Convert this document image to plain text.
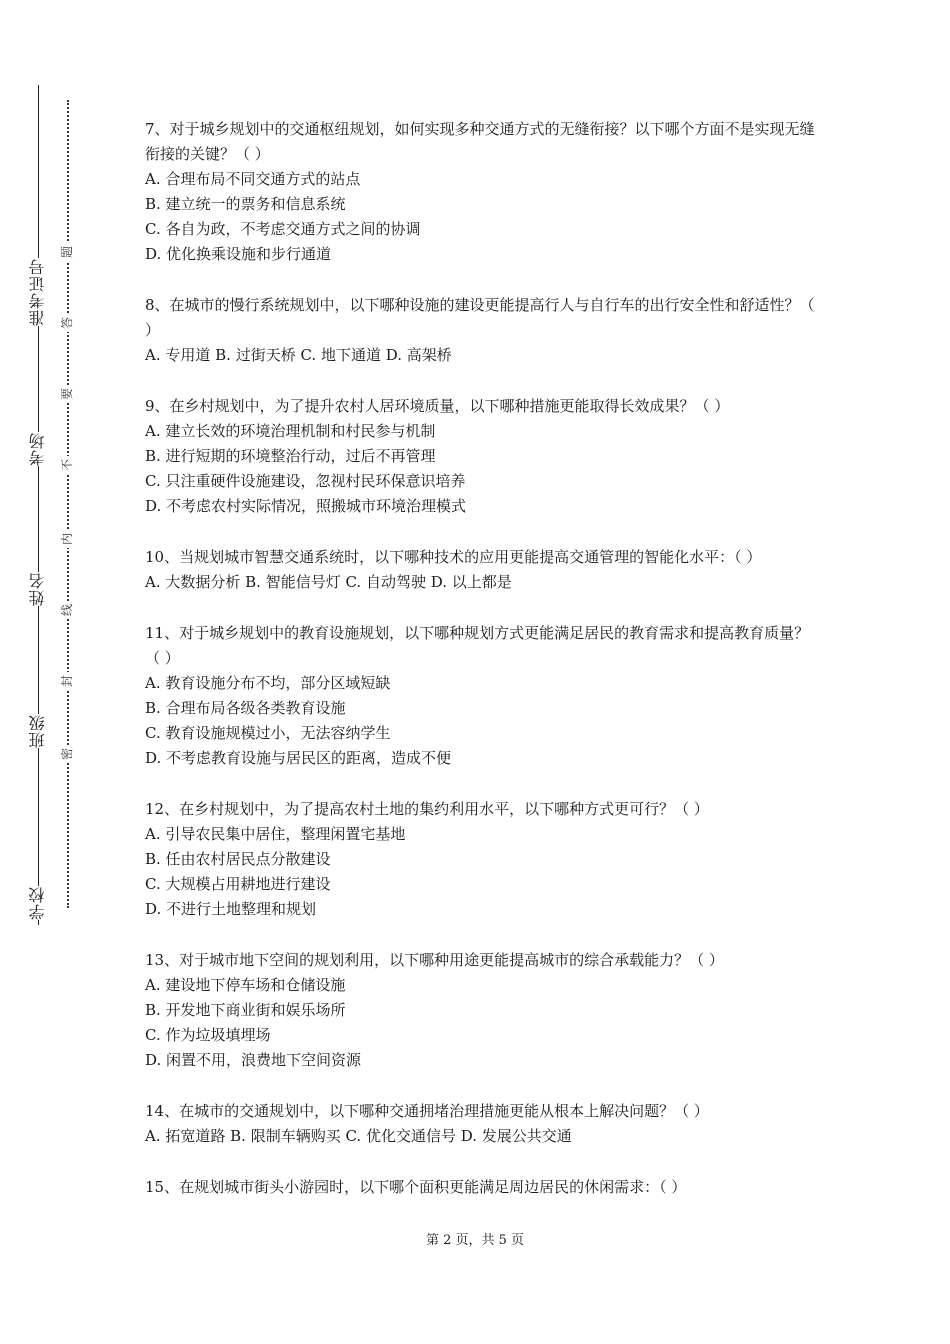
准考证号
考场
姓名
班级
学校
题
答
要
不
内
线
封
密

7、对于城乡规划中的交通枢纽规划，如何实现多种交通方式的无缝衔接？以下哪个方面不是实现无缝衔接的关键？（ ）

A. 合理布局不同交通方式的站点

B. 建立统一的票务和信息系统

C. 各自为政，不考虑交通方式之间的协调

D. 优化换乘设施和步行通道

8、在城市的慢行系统规划中，以下哪种设施的建设更能提高行人与自行车的出行安全性和舒适性？（ ）

A. 专用道 B. 过街天桥 C. 地下通道 D. 高架桥

9、在乡村规划中，为了提升农村人居环境质量，以下哪种措施更能取得长效成果？（ ）

A. 建立长效的环境治理机制和村民参与机制

B. 进行短期的环境整治行动，过后不再管理

C. 只注重硬件设施建设，忽视村民环保意识培养

D. 不考虑农村实际情况，照搬城市环境治理模式

10、当规划城市智慧交通系统时，以下哪种技术的应用更能提高交通管理的智能化水平：（ ）

A. 大数据分析 B. 智能信号灯 C. 自动驾驶 D. 以上都是

11、对于城乡规划中的教育设施规划，以下哪种规划方式更能满足居民的教育需求和提高教育质量？（ ）

A. 教育设施分布不均，部分区域短缺

B. 合理布局各级各类教育设施

C. 教育设施规模过小，无法容纳学生

D. 不考虑教育设施与居民区的距离，造成不便

12、在乡村规划中，为了提高农村土地的集约利用水平，以下哪种方式更可行？（ ）

A. 引导农民集中居住，整理闲置宅基地

B. 任由农村居民点分散建设

C. 大规模占用耕地进行建设

D. 不进行土地整理和规划

13、对于城市地下空间的规划利用，以下哪种用途更能提高城市的综合承载能力？（ ）

A. 建设地下停车场和仓储设施

B. 开发地下商业街和娱乐场所

C. 作为垃圾填埋场

D. 闲置不用，浪费地下空间资源

14、在城市的交通规划中，以下哪种交通拥堵治理措施更能从根本上解决问题？（ ）

A. 拓宽道路 B. 限制车辆购买 C. 优化交通信号 D. 发展公共交通

15、在规划城市街头小游园时，以下哪个面积更能满足周边居民的休闲需求：（ ）

第 2 页，共 5 页
